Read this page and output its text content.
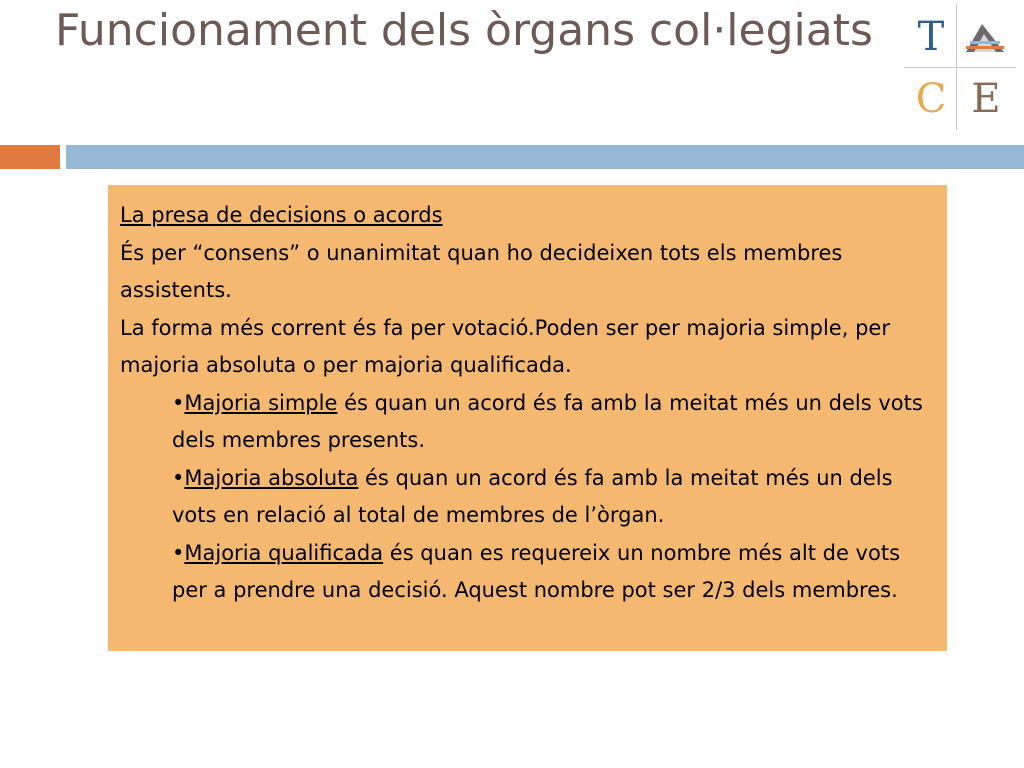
Funcionament dels òrgans col·legiats T
C E

La presa de decisions o acords

És per “consens” o unanimitat quan ho decideixen tots els membres assistents.

La forma més corrent és fa per votació.Poden ser per majoria simple, per majoria absoluta o per majoria qualificada.

•Majoria simple és quan un acord és fa amb la meitat més un dels vots dels membres presents.

•Majoria absoluta és quan un acord és fa amb la meitat més un dels vots en relació al total de membres de l’òrgan.

•Majoria qualificada és quan es requereix un nombre més alt de vots per a prendre una decisió. Aquest nombre pot ser 2/3 dels membres.
